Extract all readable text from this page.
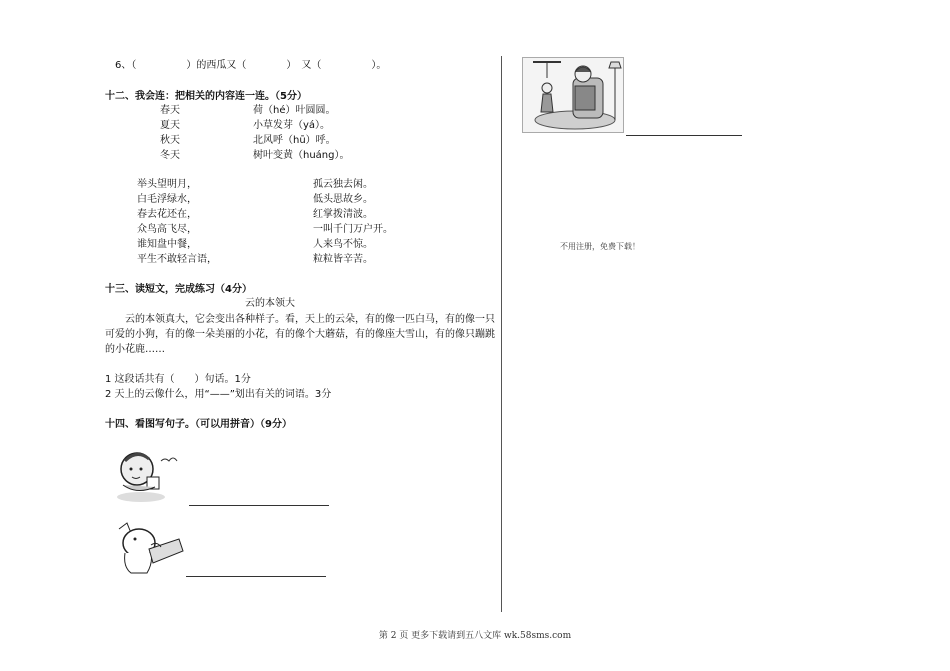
6、（　　　　　）的西瓜又（　　　　）　又（　　　　　）。
十二、我会连：把相关的内容连一连。（5分）
春天
夏天
秋天
冬天
荷（hé）叶圆圆。
小草发芽（yá）。
北风呼（hū）呼。
树叶变黄（huáng）。
举头望明月，
白毛浮绿水，
春去花还在，
众鸟高飞尽，
谁知盘中餐，
平生不敢轻言语，
孤云独去闲。
低头思故乡。
红掌拨清波。
一叫千门万户开。
人来鸟不惊。
粒粒皆辛苦。
十三、读短文，完成练习（4分）
云的本领大
　　云的本领真大，它会变出各种样子。看，天上的云朵，有的像一匹白马，有的像一只可爱的小狗，有的像一朵美丽的小花，有的像个大蘑菇，有的像座大雪山，有的像只蹦跳的小花鹿……
1 这段话共有（　　）句话。1分
2 天上的云像什么，用“——”划出有关的词语。3分
十四、看图写句子。（可以用拼音）（9分）
不用注册，免费下载！
第 2 页 更多下载请到五八文库 wk.58sms.com
